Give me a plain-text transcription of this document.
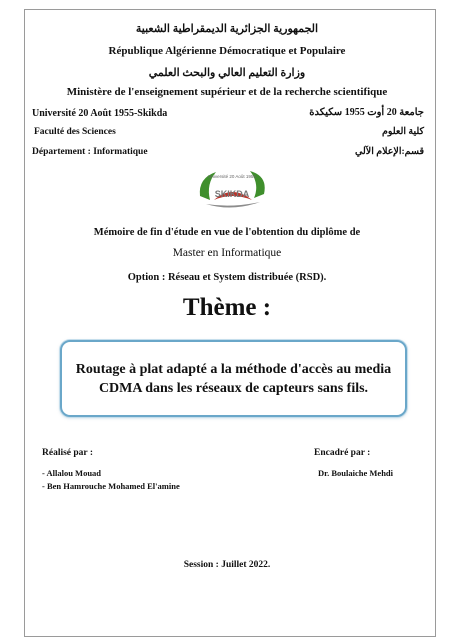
الجمهورية الجزائرية الديمقراطية الشعبية
République Algérienne Démocratique et Populaire
وزارة التعليم العالي والبحث العلمي
Ministère de l'enseignement supérieur et de la recherche scientifique
Université 20 Août 1955-Skikda	جامعة 20 أوت 1955 سكيكدة
Faculté des Sciences	كلية العلوم
Département : Informatique	قسم:الإعلام الآلي
Université 20 Août 1955
SKIKDA
Mémoire de fin d'étude en vue de l'obtention du diplôme de
Master en Informatique
Option : Réseau et System distribuée (RSD).
Thème :
Routage à plat adapté a la méthode d'accès au media CDMA dans les réseaux de capteurs sans fils.
Réalisé par :	Encadré par :
- Allalou Mouad
- Ben Hamrouche Mohamed El'amine
Dr. Boulaiche Mehdi
Session : Juillet 2022.
